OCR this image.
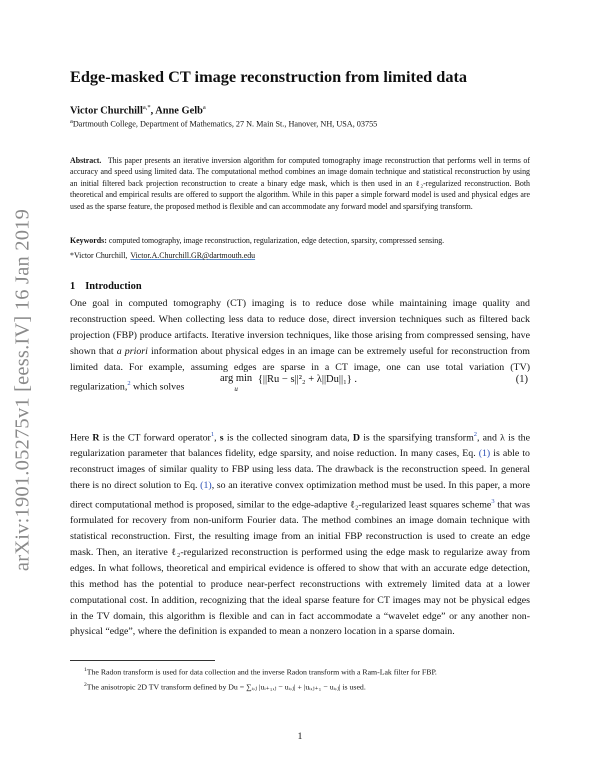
arXiv:1901.05275v1 [eess.IV] 16 Jan 2019
Edge-masked CT image reconstruction from limited data
Victor Churchill$^{a,*}$, Anne Gelb$^a$
$^a$Dartmouth College, Department of Mathematics, 27 N. Main St., Hanover, NH, USA, 03755
Abstract. This paper presents an iterative inversion algorithm for computed tomography image reconstruction that performs well in terms of accuracy and speed using limited data. The computational method combines an image domain technique and statistical reconstruction by using an initial filtered back projection reconstruction to create a binary edge mask, which is then used in an ℓ₂-regularized reconstruction. Both theoretical and empirical results are offered to support the algorithm. While in this paper a simple forward model is used and physical edges are used as the sparse feature, the proposed method is flexible and can accommodate any forward model and sparsifying transform.
Keywords: computed tomography, image reconstruction, regularization, edge detection, sparsity, compressed sensing.
*Victor Churchill, Victor.A.Churchill.GR@dartmouth.edu
1 Introduction
One goal in computed tomography (CT) imaging is to reduce dose while maintaining image quality and reconstruction speed. When collecting less data to reduce dose, direct inversion techniques such as filtered back projection (FBP) produce artifacts. Iterative inversion techniques, like those arising from compressed sensing, have shown that a priori information about physical edges in an image can be extremely useful for reconstruction from limited data. For example, assuming edges are sparse in a CT image, one can use total variation (TV) regularization,$^2$ which solves
arg min
u
{||Ru − s||²₂ + λ||Du||₁} .	(1)
Here R is the CT forward operator$^1$, s is the collected sinogram data, D is the sparsifying transform$^2$, and λ is the regularization parameter that balances fidelity, edge sparsity, and noise reduction. In many cases, Eq. (1) is able to reconstruct images of similar quality to FBP using less data. The drawback is the reconstruction speed. In general there is no direct solution to Eq. (1), so an iterative convex optimization method must be used. In this paper, a more direct computational method is proposed, similar to the edge-adaptive ℓ₂-regularized least squares scheme$^3$ that was formulated for recovery from non-uniform Fourier data. The method combines an image domain technique with statistical reconstruction. First, the resulting image from an initial FBP reconstruction is used to create an edge mask. Then, an iterative ℓ₂-regularized reconstruction is performed using the edge mask to regularize away from edges. In what follows, theoretical and empirical evidence is offered to show that with an accurate edge detection, this method has the potential to produce near-perfect reconstructions with extremely limited data at a lower computational cost. In addition, recognizing that the ideal sparse feature for CT images may not be physical edges in the TV domain, this algorithm is flexible and can in fact accommodate a “wavelet edge” or any another non-physical “edge”, where the definition is expanded to mean a nonzero location in a sparse domain.
$^1$The Radon transform is used for data collection and the inverse Radon transform with a Ram-Lak filter for FBP.
$^2$The anisotropic 2D TV transform defined by Du = ∑ᵢ,ⱼ |uᵢ₊₁,ⱼ − uᵢ,ⱼ| + |uᵢ,ⱼ₊₁ − uᵢ,ⱼ| is used.
1
